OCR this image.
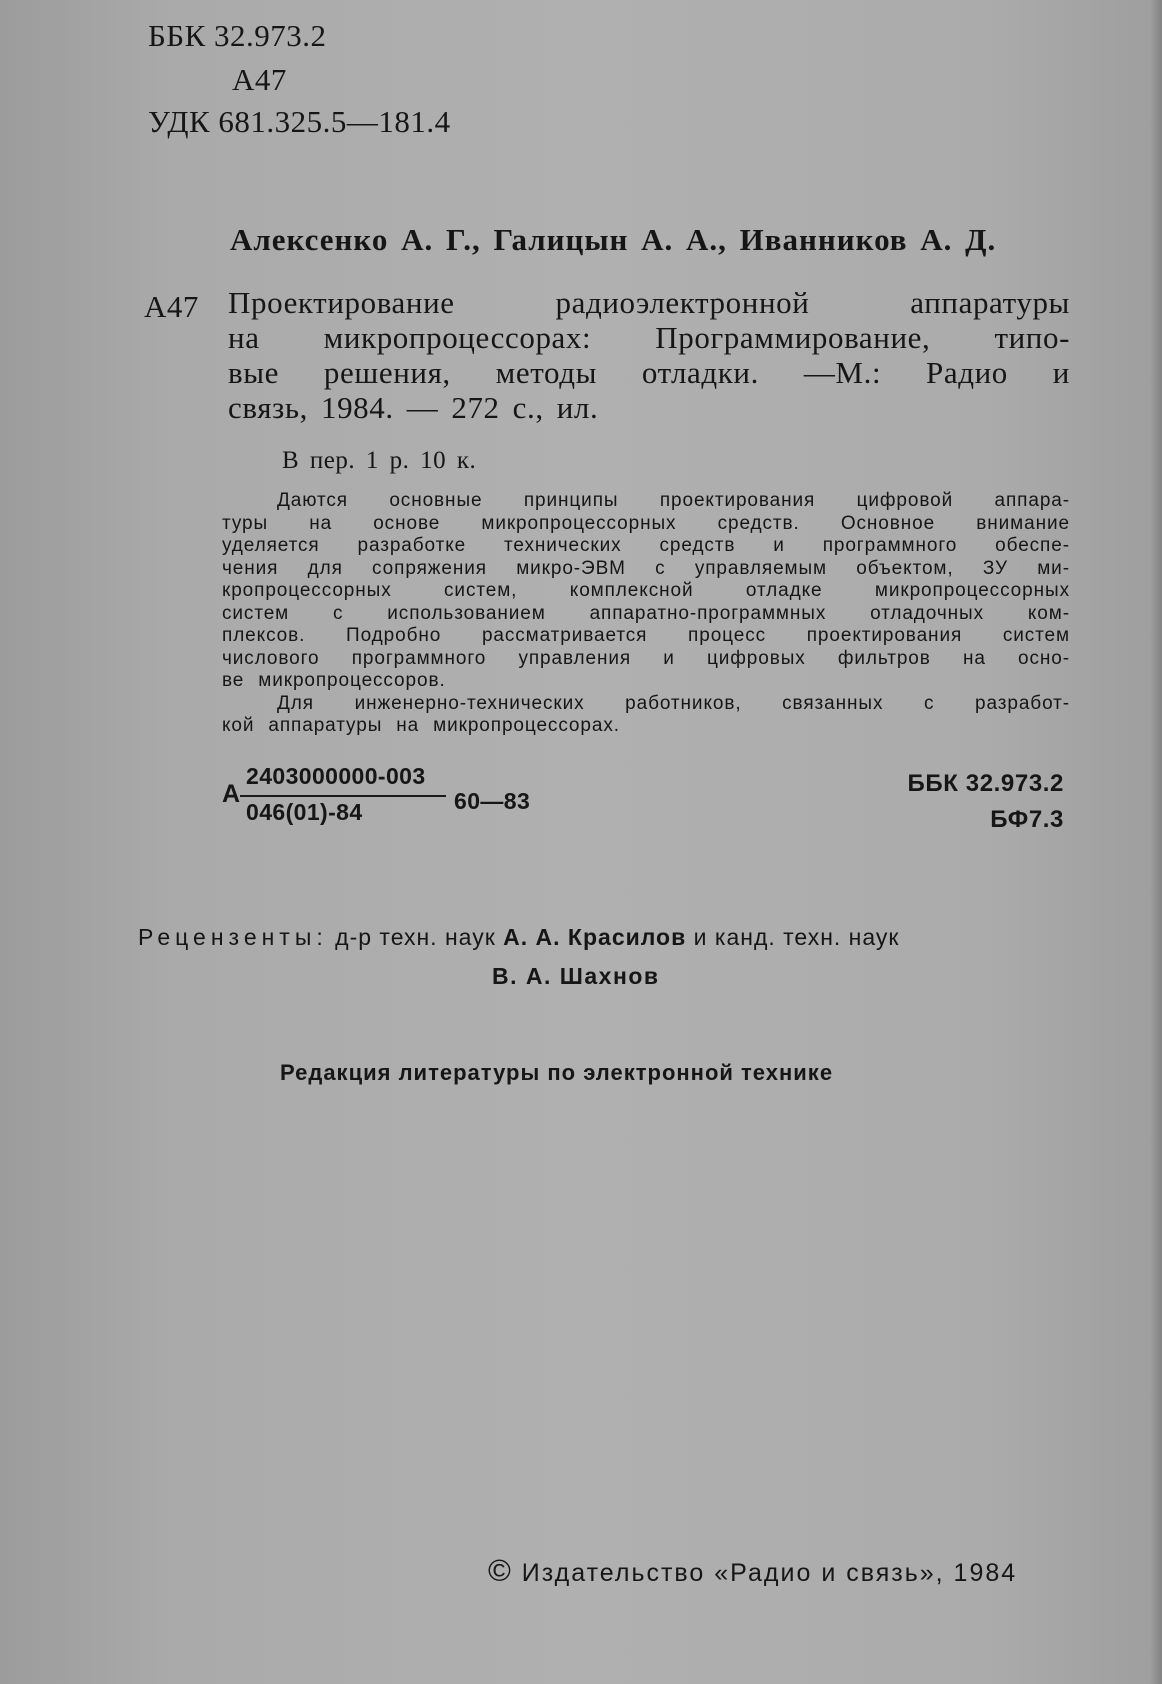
ББК 32.973.2
А47
УДК 681.325.5—181.4
Алексенко А. Г., Галицын А. А., Иванников А. Д.
А47 Проектирование	радиоэлектронной	аппаратуры
на микропроцессорах: Программирование, типо-
вые решения, методы отладки. —М.: Радио и
связь, 1984. — 272 с., ил.
В пер. 1 р. 10 к.
Даются основные принципы проектирования цифровой аппара-
туры на основе микропроцессорных средств. Основное внимание
уделяется разработке технических средств и программного обеспе-
чения для сопряжения микро-ЭВМ с управляемым объектом, ЗУ ми-
кропроцессорных	систем,	комплексной	отладке	микропроцессорных
систем с использованием аппаратно-программных отладочных ком-
плексов. Подробно рассматривается процесс проектирования систем
числового программного управления и цифровых фильтров на осно-
ве микропроцессоров.
Для инженерно-технических работников, связанных с разработ-
кой аппаратуры на микропроцессорах.
А
2403000000-003
046(01)-84	60—83
ББК 32.973.2
БФ7.3
Рецензенты: д-р техн. наук А. А. Красилов и канд. техн. наук
В. А. Шахнов
Редакция литературы по электронной технике
© Издательство «Радио и связь», 1984
